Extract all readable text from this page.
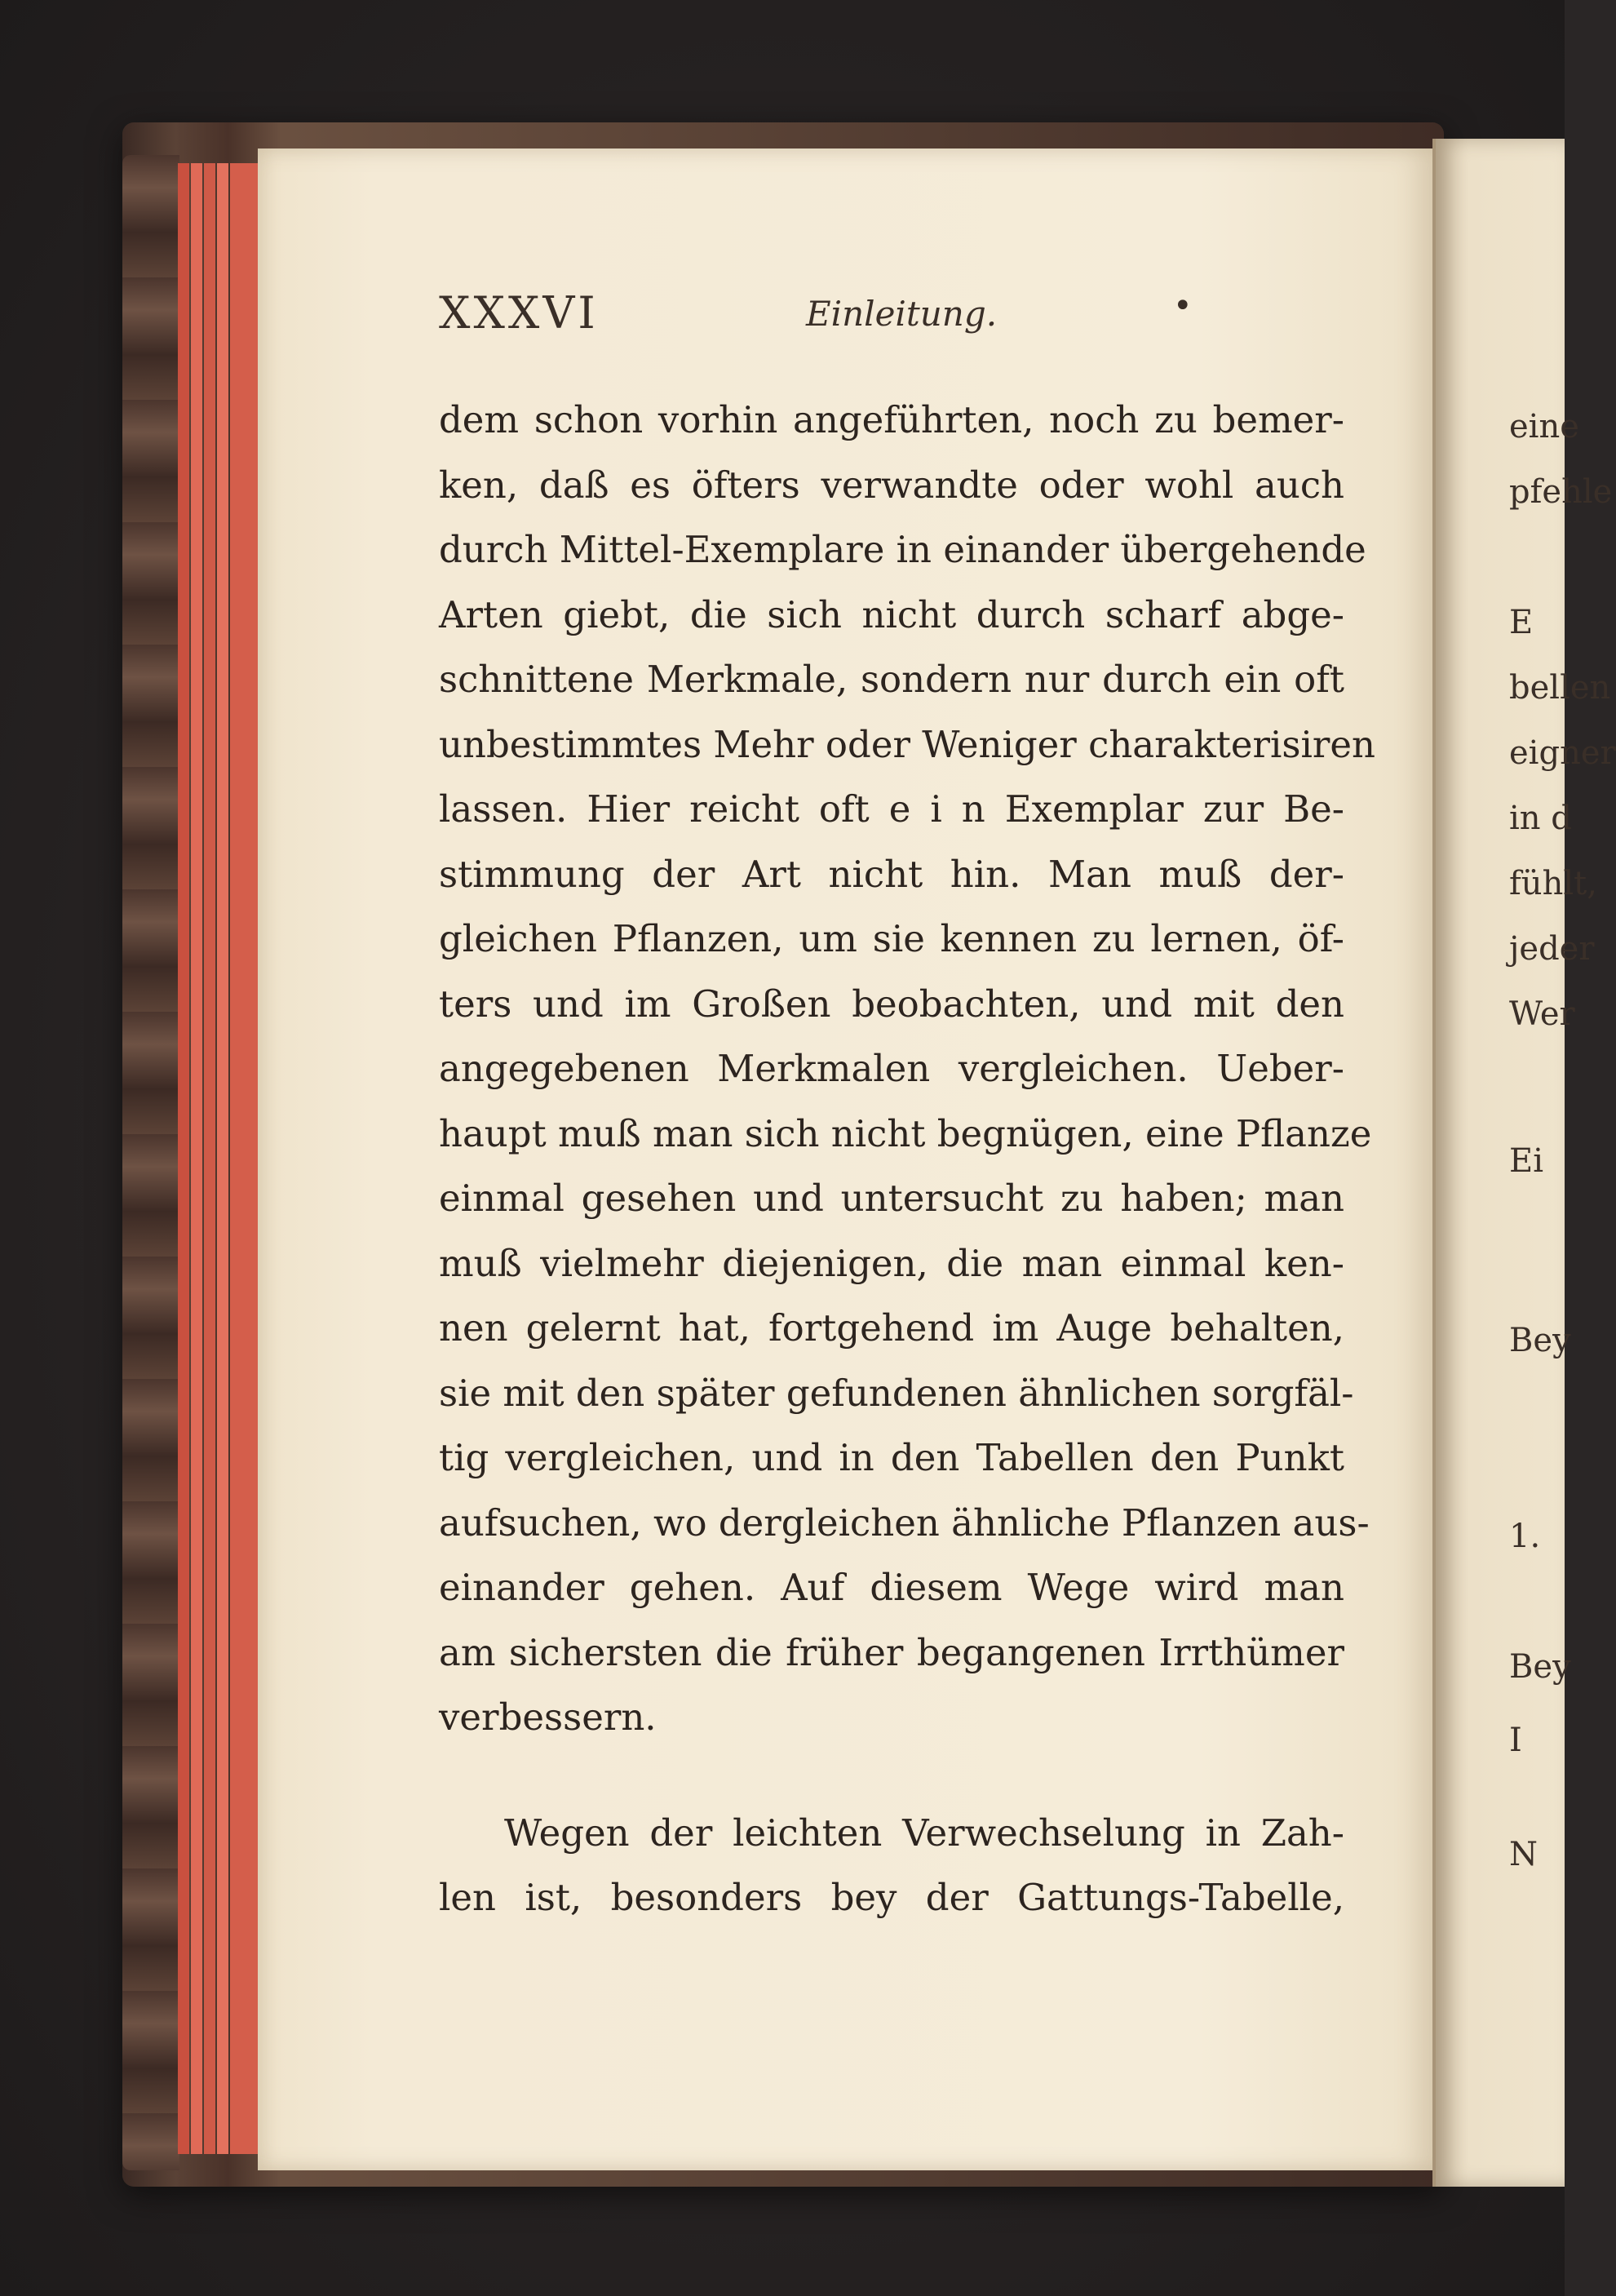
XXXVI	Einleitung.	•
dem schon vorhin angeführten, noch zu bemer-
ken, daß es öfters verwandte oder wohl auch
durch Mittel-Exemplare in einander übergehende
Arten giebt, die sich nicht durch scharf abge-
schnittene Merkmale, sondern nur durch ein oft
unbestimmtes Mehr oder Weniger charakterisiren
lassen. Hier reicht oft e i n Exemplar zur Be-
stimmung der Art nicht hin. Man muß der-
gleichen Pflanzen, um sie kennen zu lernen, öf-
ters und im Großen beobachten, und mit den
angegebenen Merkmalen vergleichen. Ueber-
haupt muß man sich nicht begnügen, eine Pflanze
einmal gesehen und untersucht zu haben; man
muß vielmehr diejenigen, die man einmal ken-
nen gelernt hat, fortgehend im Auge behalten,
sie mit den später gefundenen ähnlichen sorgfäl-
tig vergleichen, und in den Tabellen den Punkt
aufsuchen, wo dergleichen ähnliche Pflanzen aus-
einander gehen. Auf diesem Wege wird man
am sichersten die früher begangenen Irrthümer
verbessern.
Wegen der leichten Verwechselung in Zah-
len ist, besonders bey der Gattungs-Tabelle,
eine
pfehle
E
bellen
eigner
in d
fühlt,
jeder
Wer
Ei
Bey
1.
Bey
I
N
